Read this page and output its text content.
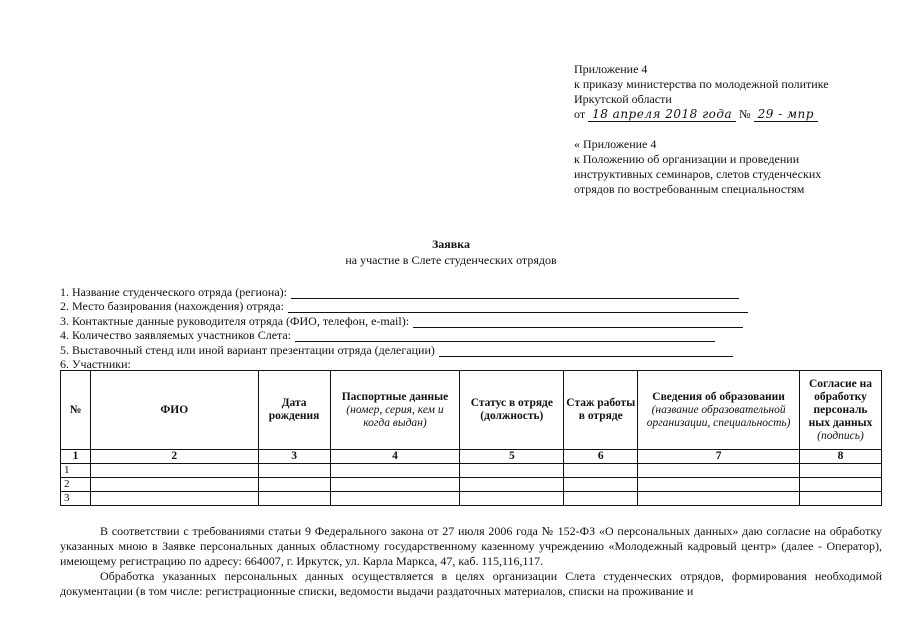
Приложение 4
к приказу министерства по молодежной политике
Иркутской области
от 18 апреля 2018 года № 29 - мпр
« Приложение 4
к Положению об организации и проведении
инструктивных семинаров, слетов студенческих
отрядов по востребованным специальностям
Заявка
на участие в Слете студенческих отрядов
1. Название студенческого отряда (региона):
2. Место базирования (нахождения) отряда:
3. Контактные данные руководителя отряда (ФИО, телефон, e-mail):
4. Количество заявляемых участников Слета:
5. Выставочный стенд или иной вариант презентации отряда (делегации)
6. Участники:
№	ФИО	Дата рождения	Паспортные данные (номер, серия, кем и когда выдан)	Статус в отряде (должность)	Стаж работы в отряде	Сведения об образовании (название образовательной организации, специальность)	Согласие на обработку персональ ных данных (подпись)
1	2	3	4	5	6	7	8
1							
2							
3							

В соответствии с требованиями статьи 9 Федерального закона от 27 июля 2006 года № 152-ФЗ «О персональных данных» даю согласие на обработку указанных мною в Заявке персональных данных областному государственному казенному учреждению «Молодежный кадровый центр» (далее - Оператор), имеющему регистрацию по адресу: 664007, г. Иркутск, ул. Карла Маркса, 47, каб. 115,116,117.

Обработка указанных персональных данных осуществляется в целях организации Слета студенческих отрядов, формирования необходимой документации (в том числе: регистрационные списки, ведомости выдачи раздаточных материалов, списки на проживание и
